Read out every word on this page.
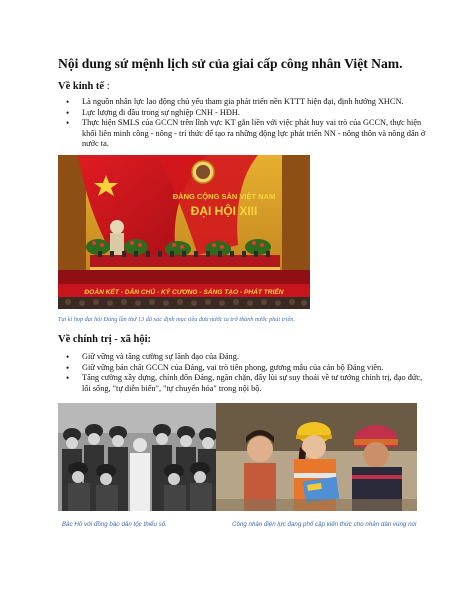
Nội dung sứ mệnh lịch sử của giai cấp công nhân Việt Nam.
Về kinh tế :
• Là nguồn nhân lực lao động chủ yếu tham gia phát triển nền KTTT hiện đại, định hướng XHCN.
• Lực lượng đi đầu trong sự nghiệp CNH - HĐH.
• Thực hiện SMLS của GCCN trên lĩnh vực KT gắn liền với việc phát huy vai trò của GCCN, thực hiện khối liên minh công - nông - trí thức để tạo ra những động lực phát triển NN - nông thôn và nông dân ở nước ta.
ĐẢNG CỘNG SẢN VIỆT NAM
ĐẠI HỘI XIII
ĐOÀN KẾT - DÂN CHỦ - KỶ CƯƠNG - SÁNG TẠO - PHÁT TRIỂN
Tại kì họp đại hội Đảng lần thứ 13 đã xác định mục tiêu đưa nước ta trở thành nước phát triển.
Về chính trị - xã hội:
• Giữ vững và tăng cường sự lãnh đạo của Đảng.
• Giữ vững bản chất GCCN của Đảng, vai trò tiên phong, gương mẫu của cán bộ Đảng viên.
• Tăng cường xây dựng, chỉnh đốn Đảng, ngăn chặn, đẩy lùi sự suy thoái về tư tưởng chính trị, đạo đức, lối sống, "tự diễn biến", "tự chuyển hóa" trong nội bộ.
Bác Hồ với đồng bào dân tộc thiểu số.	Công nhân điện lực đang phổ cập kiến thức cho nhân dân vùng núi
